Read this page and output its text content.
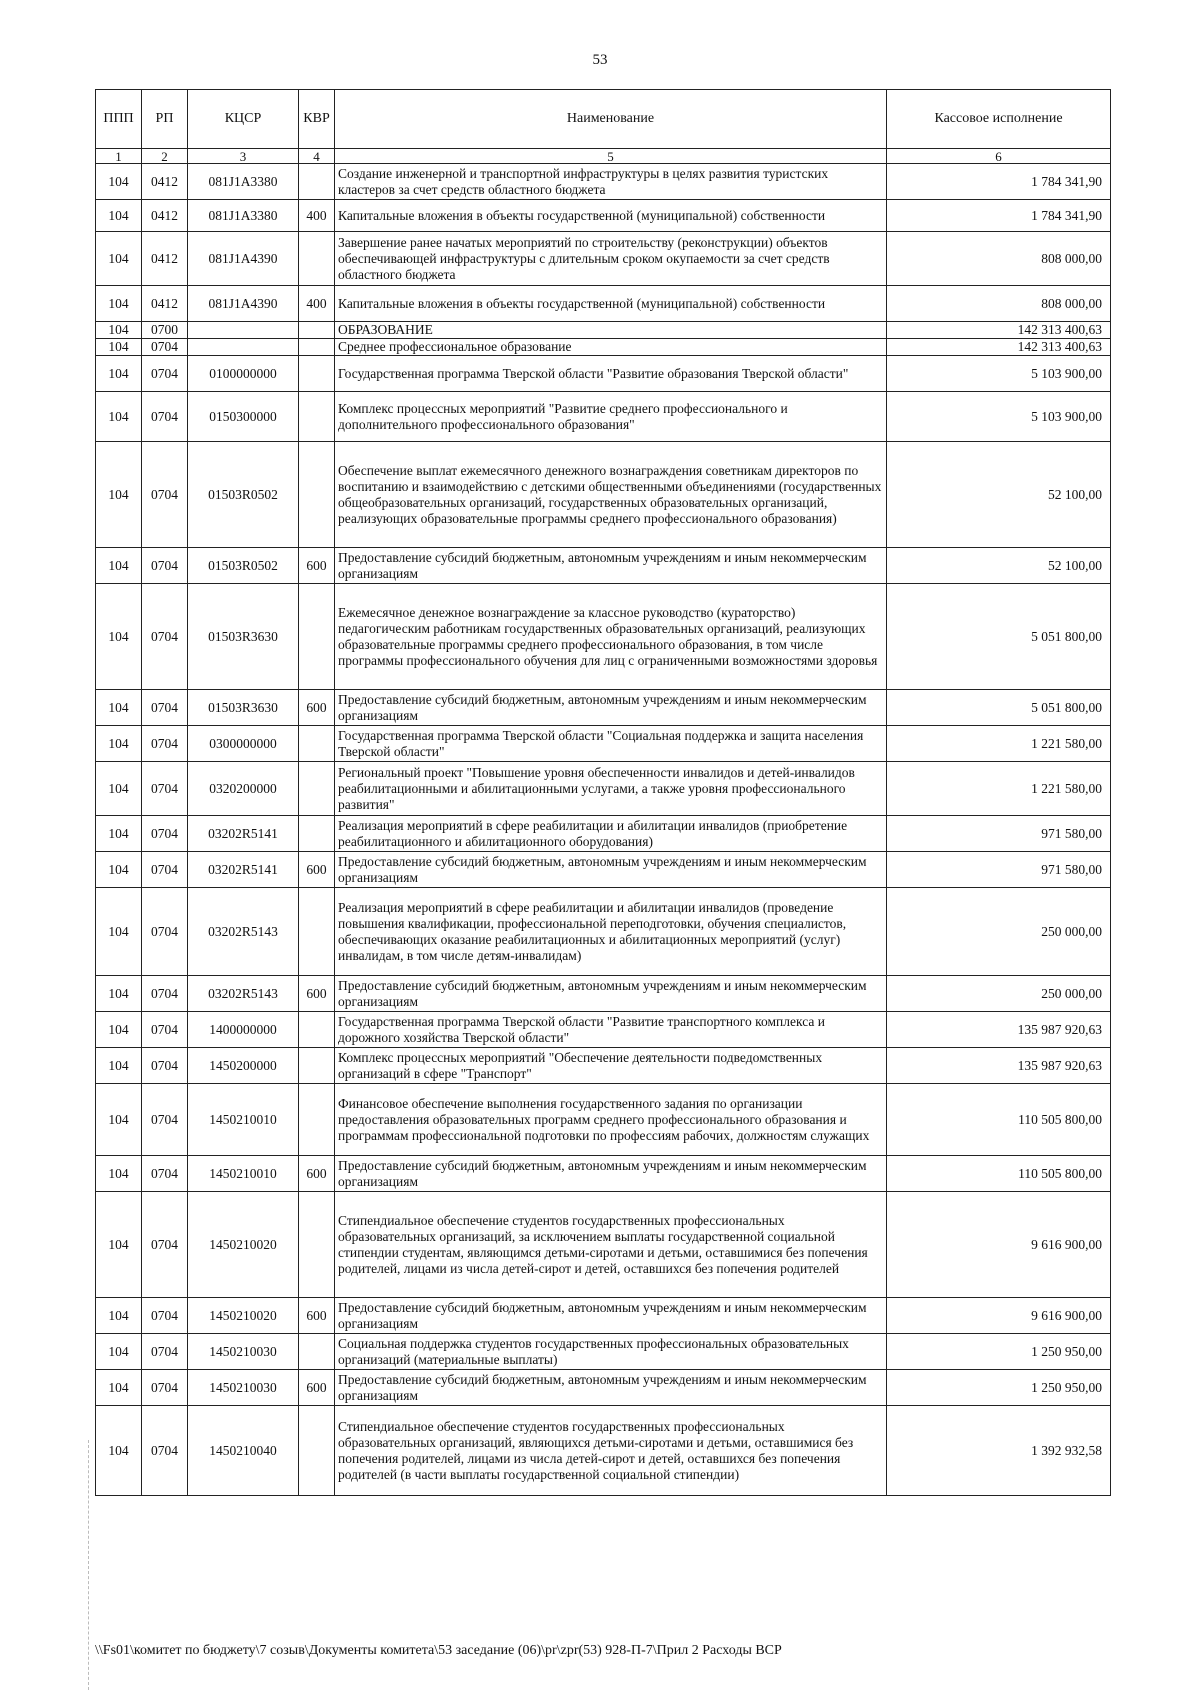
53
ППП	РП	КЦСР	КВР	Наименование	Кассовое исполнение
1	2	3	4	5	6
104	0412	081J1A3380		Создание инженерной и транспортной инфраструктуры в целях развития туристских кластеров за счет средств областного бюджета	1 784 341,90
104	0412	081J1A3380	400	Капитальные вложения в объекты государственной (муниципальной) собственности	1 784 341,90
104	0412	081J1A4390		Завершение ранее начатых мероприятий по строительству (реконструкции) объектов обеспечивающей инфраструктуры с длительным сроком окупаемости за счет средств областного бюджета	808 000,00
104	0412	081J1A4390	400	Капитальные вложения в объекты государственной (муниципальной) собственности	808 000,00
104	0700			ОБРАЗОВАНИЕ	142 313 400,63
104	0704			Среднее профессиональное образование	142 313 400,63
104	0704	0100000000		Государственная программа Тверской области "Развитие образования Тверской области"	5 103 900,00
104	0704	0150300000		Комплекс процессных мероприятий "Развитие среднего профессионального и дополнительного профессионального образования"	5 103 900,00
104	0704	01503R0502		Обеспечение выплат ежемесячного денежного вознаграждения советникам директоров по воспитанию и взаимодействию с детскими общественными объединениями (государственных общеобразовательных организаций, государственных образовательных организаций, реализующих образовательные программы среднего профессионального образования)	52 100,00
104	0704	01503R0502	600	Предоставление субсидий бюджетным, автономным учреждениям и иным некоммерческим организациям	52 100,00
104	0704	01503R3630		Ежемесячное денежное вознаграждение за классное руководство (кураторство) педагогическим работникам государственных образовательных организаций, реализующих образовательные программы среднего профессионального образования, в том числе программы профессионального обучения для лиц с ограниченными возможностями здоровья	5 051 800,00
104	0704	01503R3630	600	Предоставление субсидий бюджетным, автономным учреждениям и иным некоммерческим организациям	5 051 800,00
104	0704	0300000000		Государственная программа Тверской области "Социальная поддержка и защита населения Тверской области"	1 221 580,00
104	0704	0320200000		Региональный проект "Повышение уровня обеспеченности инвалидов и детей-инвалидов реабилитационными и абилитационными услугами, а также уровня профессионального развития"	1 221 580,00
104	0704	03202R5141		Реализация мероприятий в сфере реабилитации и абилитации инвалидов (приобретение реабилитационного и абилитационного оборудования)	971 580,00
104	0704	03202R5141	600	Предоставление субсидий бюджетным, автономным учреждениям и иным некоммерческим организациям	971 580,00
104	0704	03202R5143		Реализация мероприятий в сфере реабилитации и абилитации инвалидов (проведение повышения квалификации, профессиональной переподготовки, обучения специалистов, обеспечивающих оказание реабилитационных и абилитационных мероприятий (услуг) инвалидам, в том числе детям-инвалидам)	250 000,00
104	0704	03202R5143	600	Предоставление субсидий бюджетным, автономным учреждениям и иным некоммерческим организациям	250 000,00
104	0704	1400000000		Государственная программа Тверской области "Развитие транспортного комплекса и дорожного хозяйства Тверской области"	135 987 920,63
104	0704	1450200000		Комплекс процессных мероприятий "Обеспечение деятельности подведомственных организаций в сфере "Транспорт"	135 987 920,63
104	0704	1450210010		Финансовое обеспечение выполнения государственного задания по организации предоставления образовательных программ среднего профессионального образования и программам профессиональной подготовки по профессиям рабочих, должностям служащих	110 505 800,00
104	0704	1450210010	600	Предоставление субсидий бюджетным, автономным учреждениям и иным некоммерческим организациям	110 505 800,00
104	0704	1450210020		Стипендиальное обеспечение студентов государственных профессиональных образовательных организаций, за исключением выплаты государственной социальной стипендии студентам, являющимся детьми-сиротами и детьми, оставшимися без попечения родителей, лицами из числа детей-сирот и детей, оставшихся без попечения родителей	9 616 900,00
104	0704	1450210020	600	Предоставление субсидий бюджетным, автономным учреждениям и иным некоммерческим организациям	9 616 900,00
104	0704	1450210030		Социальная поддержка студентов государственных профессиональных образовательных организаций (материальные выплаты)	1 250 950,00
104	0704	1450210030	600	Предоставление субсидий бюджетным, автономным учреждениям и иным некоммерческим организациям	1 250 950,00
104	0704	1450210040		Стипендиальное обеспечение студентов государственных профессиональных образовательных организаций, являющихся детьми-сиротами и детьми, оставшимися без попечения родителей, лицами из числа детей-сирот и детей, оставшихся без попечения родителей (в части выплаты государственной социальной стипендии)	1 392 932,58
\\Fs01\комитет по бюджету\7 созыв\Документы комитета\53 заседание (06)\pr\zpr(53) 928-П-7\Прил 2 Расходы ВСР
